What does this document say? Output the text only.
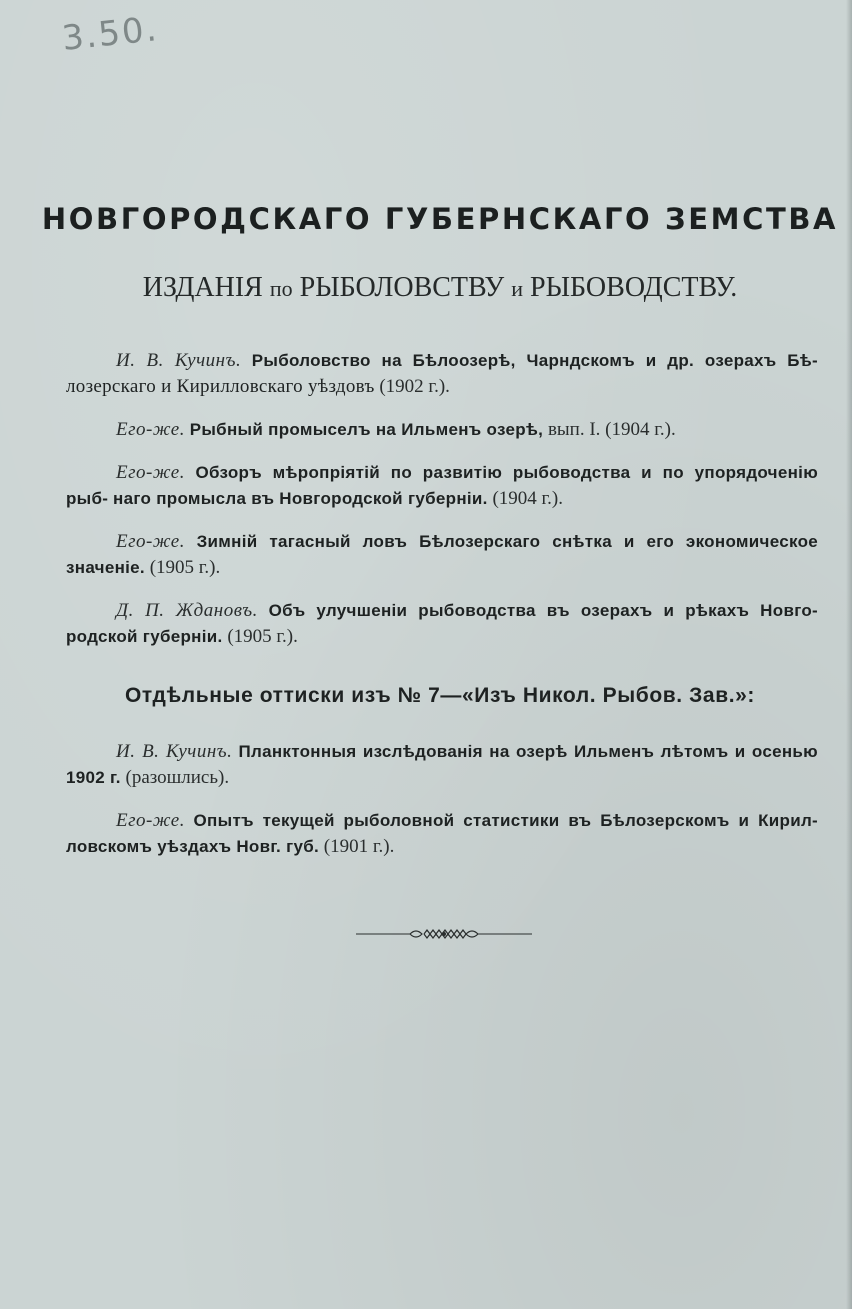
3.50.
НОВГОРОДСКАГО ГУБЕРНСКАГО ЗЕМСТВА
ИЗДАНІЯ по РЫБОЛОВСТВУ и РЫБОВОДСТВУ.

И. В. Кучинъ. Рыболовство на Бѣлоозерѣ, Чарндскомъ и др. озерахъ Бѣ- лозерскаго и Кирилловскаго уѣздовъ (1902 г.).

Его-же. Рыбный промыселъ на Ильменъ озерѣ, вып. I. (1904 г.).

Его-же. Обзоръ мѣропріятій по развитію рыбоводства и по упорядоченію рыб- наго промысла въ Новгородской губерніи. (1904 г.).

Его-же. Зимній тагасный ловъ Бѣлозерскаго снѣтка и его экономическое значеніе. (1905 г.).

Д. П. Ждановъ. Объ улучшеніи рыбоводства въ озерахъ и рѣкахъ Новго- родской губерніи. (1905 г.).

Отдѣльные оттиски изъ № 7—«Изъ Никол. Рыбов. Зав.»:

И. В. Кучинъ. Планктонныя изслѣдованія на озерѣ Ильменъ лѣтомъ и осенью 1902 г. (разошлись).

Его-же. Опытъ текущей рыболовной статистики въ Бѣлозерскомъ и Кирил- ловскомъ уѣздахъ Новг. губ. (1901 г.).
